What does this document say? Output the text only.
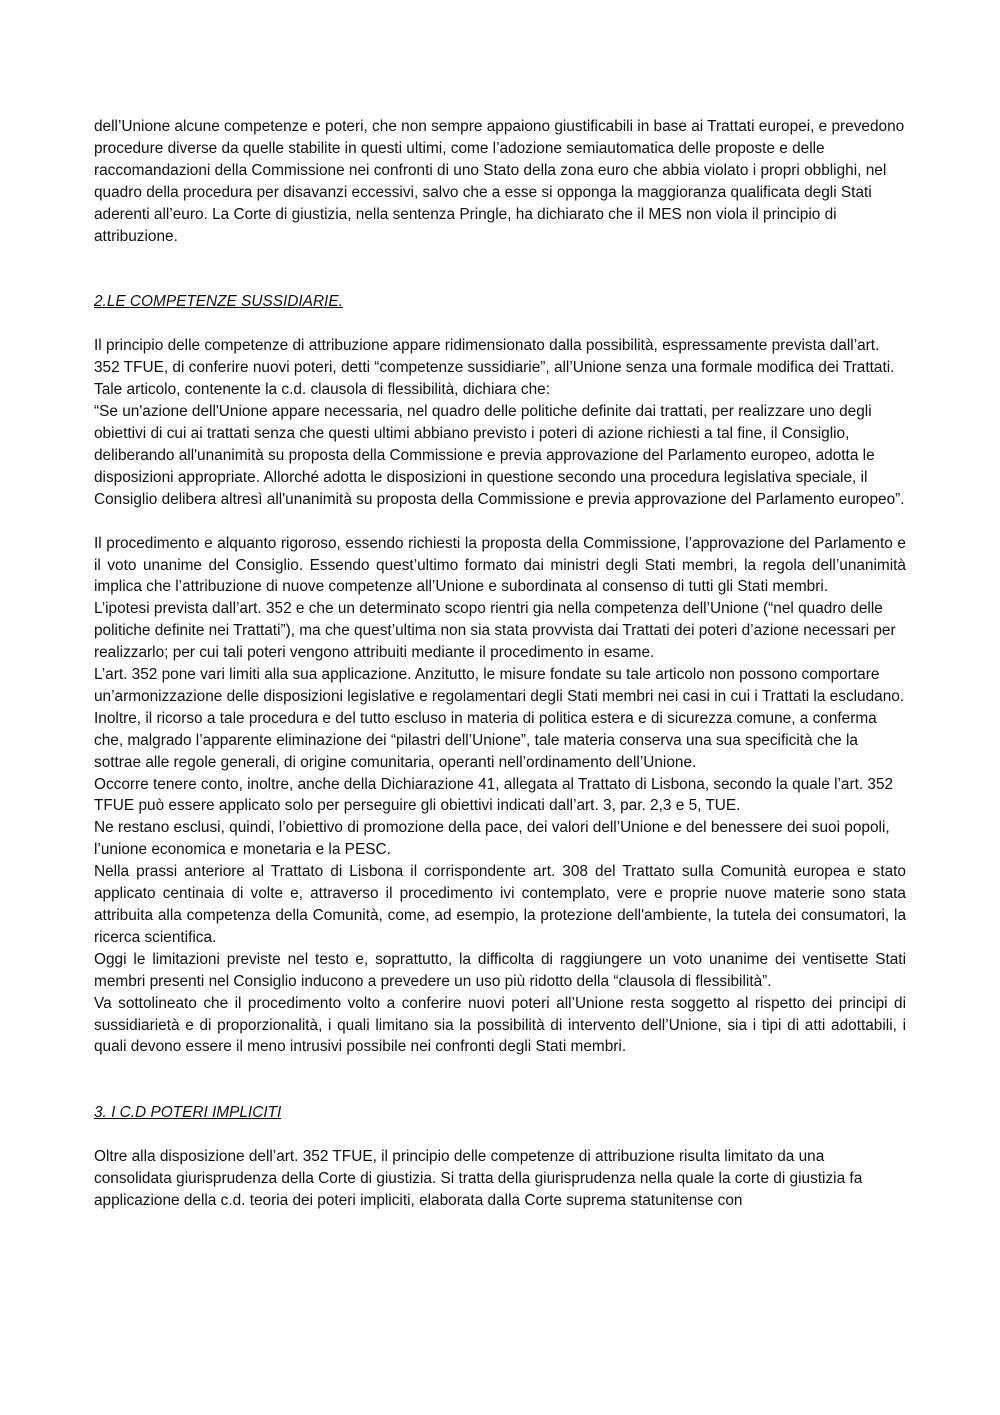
dell’Unione alcune competenze e poteri, che non sempre appaiono giustificabili in base ai Trattati europei, e prevedono procedure diverse da quelle stabilite in questi ultimi, come l’adozione semiautomatica delle proposte e delle raccomandazioni della Commissione nei confronti di uno Stato della zona euro che abbia violato i propri obblighi, nel quadro della procedura per disavanzi eccessivi, salvo che a esse si opponga la maggioranza qualificata degli Stati aderenti all’euro. La Corte di giustizia, nella sentenza Pringle, ha dichiarato che il MES non viola il principio di attribuzione.

2.LE COMPETENZE SUSSIDIARIE.

Il principio delle competenze di attribuzione appare ridimensionato dalla possibilità, espressamente prevista dall’art. 352 TFUE, di conferire nuovi poteri, detti “competenze sussidiarie”, all’Unione senza una formale modifica dei Trattati. Tale articolo, contenente la c.d. clausola di flessibilità, dichiara che:

“Se un'azione dell'Unione appare necessaria, nel quadro delle politiche definite dai trattati, per realizzare uno degli obiettivi di cui ai trattati senza che questi ultimi abbiano previsto i poteri di azione richiesti a tal fine, il Consiglio, deliberando all'unanimità su proposta della Commissione e previa approvazione del Parlamento europeo, adotta le disposizioni appropriate. Allorché adotta le disposizioni in questione secondo una procedura legislativa speciale, il Consiglio delibera altresì all'unanimità su proposta della Commissione e previa approvazione del Parlamento europeo”.

Il procedimento e alquanto rigoroso, essendo richiesti la proposta della Commissione, l’approvazione del Parlamento e il voto unanime del Consiglio. Essendo quest’ultimo formato dai ministri degli Stati membri, la regola dell’unanimità implica che l’attribuzione di nuove competenze all’Unione e subordinata al consenso di tutti gli Stati membri.

L’ipotesi prevista dall’art. 352 e che un determinato scopo rientri gia nella competenza dell’Unione (“nel quadro delle politiche definite nei Trattati”), ma che quest’ultima non sia stata provvista dai Trattati dei poteri d’azione necessari per realizzarlo; per cui tali poteri vengono attribuiti mediante il procedimento in esame.

L’art. 352 pone vari limiti alla sua applicazione. Anzitutto, le misure fondate su tale articolo non possono comportare un’armonizzazione delle disposizioni legislative e regolamentari degli Stati membri nei casi in cui i Trattati la escludano. Inoltre, il ricorso a tale procedura e del tutto escluso in materia di politica estera e di sicurezza comune, a conferma che, malgrado l’apparente eliminazione dei “pilastri dell’Unione”, tale materia conserva una sua specificità che la sottrae alle regole generali, di origine comunitaria, operanti nell’ordinamento dell’Unione.

Occorre tenere conto, inoltre, anche della Dichiarazione 41, allegata al Trattato di Lisbona, secondo la quale l’art. 352 TFUE può essere applicato solo per perseguire gli obiettivi indicati dall’art. 3, par. 2,3 e 5, TUE.

Ne restano esclusi, quindi, l’obiettivo di promozione della pace, dei valori dell’Unione e del benessere dei suoi popoli, l’unione economica e monetaria e la PESC.

Nella prassi anteriore al Trattato di Lisbona il corrispondente art. 308 del Trattato sulla Comunità europea e stato applicato centinaia di volte e, attraverso il procedimento ivi contemplato, vere e proprie nuove materie sono stata attribuita alla competenza della Comunità, come, ad esempio, la protezione dell'ambiente, la tutela dei consumatori, la ricerca scientifica.

Oggi le limitazioni previste nel testo e, soprattutto, la difficolta di raggiungere un voto unanime dei ventisette Stati membri presenti nel Consiglio inducono a prevedere un uso più ridotto della “clausola di flessibilità”.

Va sottolineato che il procedimento volto a conferire nuovi poteri all’Unione resta soggetto al rispetto dei principi di sussidiarietà e di proporzionalità, i quali limitano sia la possibilità di intervento dell’Unione, sia i tipi di atti adottabili, i quali devono essere il meno intrusivi possibile nei confronti degli Stati membri.

3. I C.D POTERI IMPLICITI

Oltre alla disposizione dell’art. 352 TFUE, il principio delle competenze di attribuzione risulta limitato da una consolidata giurisprudenza della Corte di giustizia. Si tratta della giurisprudenza nella quale la corte di giustizia fa applicazione della c.d. teoria dei poteri impliciti, elaborata dalla Corte suprema statunitense con
